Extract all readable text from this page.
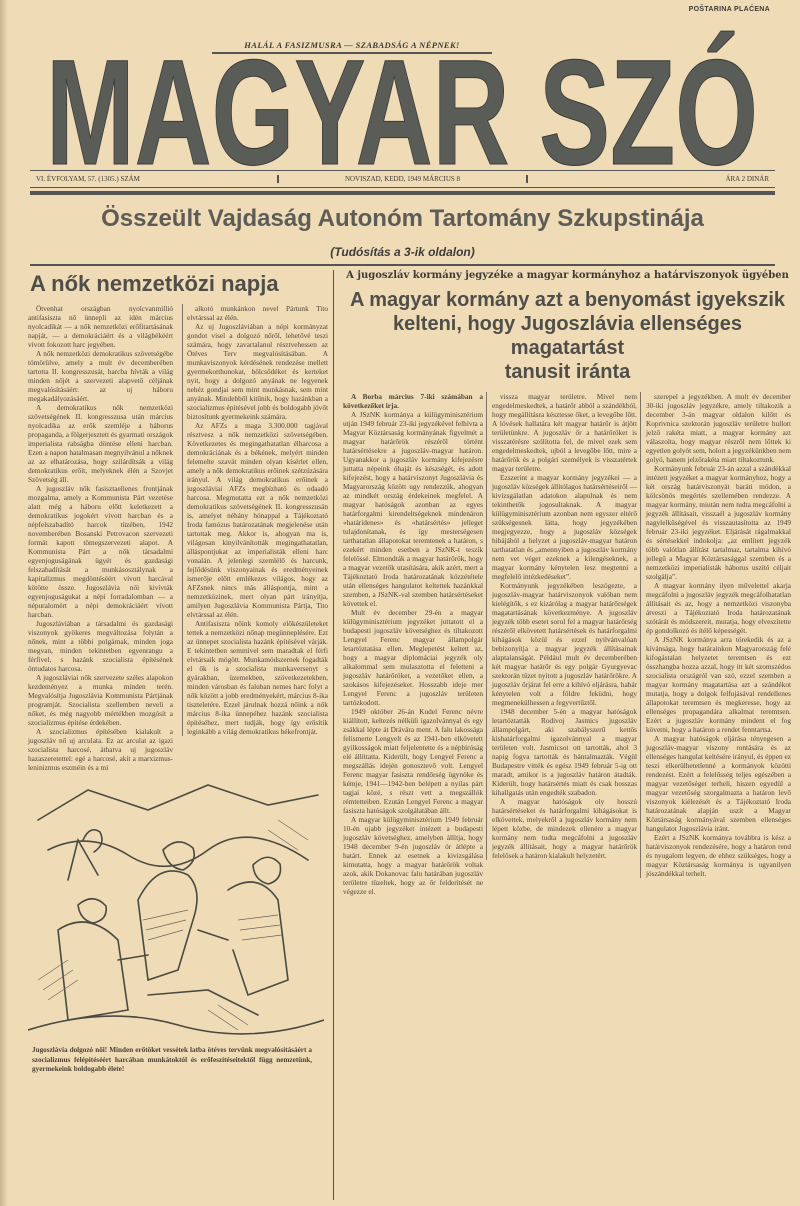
POŠTARINA PLAĆENA
MAGYAR SZÓ
HALÁL A FASIZMUSRA — SZABADSÁG A NÉPNEK!
VI. ÉVFOLYAM, 57. (1305.) SZÁM	NOVISZAD, KEDD, 1949 MÁRCIUS 8	ÁRA 2 DINÁR
Összeült Vajdaság Autonóm Tartomány Szkupstinája
(Tudósítás a 3-ik oldalon)
A nők nemzetközi napja

Ötvenhat országban nyolcvanmillió antifasiszta nő ünnepli az idén március nyolcadikát — a nők nemzetközi erőfitartásának napját, — a demokráciáért és a világbékéért vívott fokozott harc jegyében.

A nők nemzetközi demokratikus szövetségébe tömörülve, amely a mult év decemberében tartotta II. kongresszusát, harcba hívták a világ minden nőjét a szervezeti alapvető céljának megvalósításáért: az uj háboru megakadályozásáért.

A demokratikus nők nemzetközi szövetségének II. kongresszusa után március nyolcadika az erők szemléje a háborus propaganda, a fölgerjesztett és gyarmati országok imperialista rabságba döntése elleni harcban. Ezen a napon hatalmasan megnyilvánul a nőknek az az elhatározása, hogy szilárdítsák a világ demokratikus erőit, melyeknek élén a Szovjet Szövetség áll.

A jugoszláv nők fasisztaellenes frontjának mozgalma, amely a Kommunista Párt vezetése alatt még a háboru előtt keletkezett a demokratikus jogokért vívott harcban és a népfelszabadító harcok tüzében, 1942 novemberében Bosanski Petrovacon szervezeti formát kapott tömegszervezeti alapot. A Kommunista Párt a nők társadalmi egyenjoguságának ügyét és gazdasági felszabadítását a munkásosztálynak a kapitalizmus megdöntéséért vívott harcával kötötte össze. Jugoszlávia női kivívták egyenjoguságukat a népi forradalomban — a népuralomért a népi demokráciáért vívott harcban.

Jugoszláviában a társadalmi és gazdasági viszonyok gyökeres megváltozása folytán a nőnek, mint a többi polgárnak, minden joga megvan, minden tekintetben egyenrangu a férfivel, s hazánk szocialista építésének öntudatos harcosa.

A jugoszláviai nők szervezete széles alapokon kezdeményez a munka minden terén. Megvalósítja Jugoszlávia Kommunista Pártjának programját. Szocialista szellemben neveli a nőket, és még nagyobb mértékben mozgósít a szocializmus építése érdekében.

A szocializmus építésében kialakult a jugoszláv nő uj arculata. Ez az arculat az igazi szocialista harcosé, áthatva uj jugoszláv hazaszeretettel: egé a harcosé, akit a marxizmus-leninizmus eszméin és a mi

alkotó munkánkon nevel Pártunk Tito elvtárssal az élén.

Az uj Jugoszláviában a népi kormányzat gondot visel a dolgozó nőről, lehetővé teszi számára, hogy zavartalanul résztvehessen az Ötéves Terv megvalósításában. A munkaviszonyok kérdésének rendezése mellett gyermekotthonokat, bölcsődéket és kerteket nyit, hogy a dolgozó anyának ne legyenek nehéz gondjai sem mint munkásnak, sem mint anyának. Mindebből kitűnik, hogy hazánkban a szocializmus építésével jobb és boldogabb jövőt biztosítunk gyermekeink számára.

Az AFZs a maga 3.300.000 tagjával résztvesz a nők nemzetközi szövetségében. Következetes és megingathatatlan élharcosa a demokráciának és a békének, melyért minden felemelte szavát minden olyan kísérlet ellen, amely a nők demokratikus erőinek szétzúzására irányul. A világ demokratikus erőinek a jugoszláviai AFZs megbízható és odaadó harcosa. Megmutatta ezt a nők nemzetközi demokratikus szövetségének II. kongresszusán is, amelyet néhány hónappal a Tájékoztató Iroda famózus határozatának megjelenése után tartottak meg. Akkor is, ahogyan ma is, világosan kinyilvánították megingathatatlan, álláspontjukat az imperialisták elleni harc vonalán. A jelenlegi szemlélő és harcunk, fejlődésünk viszonyainak és eredményeinek ismerője előtt emlékezes világos, hogy az AFZsnek nincs más álláspontja, mint a nemzetközinek, mert olyan párt irányítja, amilyen Jugoszlávia Kommunista Pártja, Tito elvtárssal az élén.

Antifasiszta nőink komoly előkészületeket tettek a nemzetközi nőnap megünneplésére. Ezt az ünnepet szocialista hazánk építésével várják. E tekintetben semmivel sem maradtak el férfi elvtársaik mögött. Munkamódszernek fogadták el ők is a szocialista munkaversenyt s gyárakban, üzemekben, szövetkezetekben, minden városban és faluban nemes harc folyt a nők között a jobb eredményekért, március 8-ika tiszteletére. Ezzel járulnak hozzá nőink a nők március 8-ika ünnepéhez hazánk szocialista építéséhez, mert tudják, hogy így erősítik leginkább a világ demokratikus békefrontját.

Jugoszlávia dolgozó női! Minden erőtöket vessétek latba ötéves tervünk megvalósításáért a szocializmus felépítéséért harcában munkátoktól és erőfeszítéseitektől függ nemzetünk, gyermekeink boldogabb élete!
A jugoszláv kormány jegyzéke a magyar kormányhoz a határviszonyok ügyében
A magyar kormány azt a benyomást igyekszik
kelteni, hogy Jugoszlávia ellenséges magatartást
tanusit iránta

A Borba március 7-iki számában a következőket irja.

A JSzNK kormánya a külügyminisztérium utján 1949 február 23-iki jegyzékével felhívta a Magyar Köztársaság kormányának figyelmét a magyar határőrök részéről történt határsértésekre a jugoszláv-magyar határon. Ugyanakkor a jugoszláv kormány kifejezésre juttatta népeink óhaját és készségét, és adott kifejezést, hogy a határviszonyt Jugoszlávia és Magyarország között ugy rendezzük, ahogyan az mindkét ország érdekeinek megfelel. A magyar hatóságok azonban az egyes határforgalmi kirendeltségeknek mindenáron «határidenes» és «határsértés» jelleget tulajdonítanak, és így mesterségesen tarthatatlan állapotokat teremtenek a határon, s ezekért minden esetben a JSzNK-t teszik felelőssé. Elmondták a magyar határőrök, hogy a magyar vezetők utasítására, akik azért, mert a Tájékoztató Iroda határozatának közzététele után ellenséges hangulatot keltettek hazánkkal szemben, a JSzNK-val szemben határsértéseket követtek el.

Mult év december 29-én a magyar külügyminisztérium jegyzéket juttatott el a budapesti jugoszláv követséghez és tiltakozott Lengyel Ferenc magyar állampolgár letartóztatása ellen. Meglepetést keltett az, hogy a magyar diplomáciai jegyzék oly alkalommal sem mulasztotta el feletteni a jugoszláv határőröket, a vezetőket ellen, a szokásos kifejezéseket. Hosszabb ideje mer Lengyel Ferenc a jugoszláv területen tartózkodott.

1949 október 26-án Kudel Ferenc névre kiállított, keltezés nélküli igazolvánnyal és egy zsákkal lépte át Drávára ment. A falu lakossága felismerte Lengyelt és az 1941-ben elkövetett gyilkosságok miatt feljelentette és a népbíróság elé állíttatta. Kiderült, hogy Lengyel Ferenc a megszállás idején gonosztevő volt. Lengyel Ferenc magyar fasiszta rendőrség ügynöke és kémje, 1941—1942-ben belépett a nyilas párt tagjai közé, s részt vett a megszállók rémtetteiben. Ezután Lengyel Ferenc a magyar fasiszta hatóságok szolgálatában állt.

A magyar külügyminisztérium 1949 február 10-én ujabb jegyzéket intézett a budapesti jugoszláv követséghez, amelyben állítja, hogy 1948 december 9-én jugoszláv ór átlépte a határt. Ennek az esetnek a kivizsgálása kimutatta, hogy a magyar határőrök voltak azok, akik Dokanovac falu határában jugoszláv területre tüzeltek, hogy az őr felderítését ne végezze el.

vissza magyar területre. Mivel nem engedelmeskedtek, a határőr abból a szándékból, hogy megállításra késztesse őket, a levegőbe lőtt. A lövések hallatára két magyar határőr is átjött területünkre. A jugoszláv őr a határőröket is visszatérésre szólította fel, de mivel ezek sem engedelmeskedtek, ujból a levegőbe lőtt, mire a határőrök és a polgári személyek is visszatértek magyar területre.

Ezszerint a magyar kormány jegyzékei — a jugoszláv községek állítólagos határsértéseiről — kivizsgálatlan adatokon alapulnak és nem tekinthetők jogosultaknak. A magyar külügyminisztérium azonban nem egyszer eltérő szükségesnek látta, hogy jegyzékében megjegyezze, hogy a jugoszláv községek hibájából a helyzet a jugoszláv-magyar határon tarthatatlan és „amennyiben a jugoszláv kormány nem vet véget ezeknek a kilengéseknek, a magyar kormány kénytelen lesz megtenni a megfelelő intézkedéseket”.

Kormányunk jegyzékében leszögezte, a jugoszláv-magyar határviszonyok valóban nem kielégítők, s ez kizárólag a magyar határőrségek magatartásának következménye. A jugoszláv jegyzék több esetet sorol fel a magyar határőrség részéről elkövetett határsértések és határforgalmi kihágások közül és ezzel nyilvánvalóan bebizonyítja a magyar jegyzék állításainak alaptalanságát. Például mult év decemberében két magyar határőr és egy polgár Gyurgyevac szektorán tüzet nyitott a jugoszláv határőrökre. A jugoszláv őrjárat fel erre a kihívó eljárásra, habár kénytelen volt a földre feküdni, hogy megmenekülhessen a fegyvertűztől.

1948 december 5-én a magyar hatóságok letartóztatták Rodivoj Jasmics jugoszláv állampolgárt, aki szabályszerű kettős kishatárforgalmi igazolvánnyal a magyar területen volt. Jasmicsot ott tartották, ahol 3 napig fogva tartották és bántalmazták. Végül Budapestre vitték és egész 1949 február 5-ig ott maradt, amikor is a jugoszláv határon átadták. Kiderült, hogy határsértés miatt és csak hosszas kihallgatás után engedték szabadon.

A magyar hatóságok oly hosszú határsértéseket és határforgalmi kihágásokat is elkövettek, melyekről a jugoszláv kormány nem lépett közbe, de mindezek ellenére a magyar kormány nem tudta megcáfolni a jugoszláv jegyzék állításait, hogy a magyar határőrök felelősek a határon kialakult helyzetért.

szerepel a jegyzékben. A mult év december 30-iki jugoszláv jegyzékre, amely tiltakozik a december 3-án magyar oldalon kilőtt és Koprivnica szektorán jugoszláv területre hullott jelző rakéta miatt, a magyar kormány azt válaszolta, hogy magyar részről nem lőttek ki egyetlen golyót sem, holott a jegyzékünkben nem golyó, hanem jelzőrakéta miatt tiltakoztunk.

Kormányunk február 23-án azzal a szándékkal intézett jegyzéket a magyar kormányhoz, hogy a két ország határviszonyát baráti módon, a kölcsönös megértés szellemében rendezze. A magyar kormány, miután nem tudta megcáfolni a jegyzék állításait, visszaél a jugoszláv kormány nagylelkűségével és visszautasította az 1949 február 23-iki jegyzéket. Eljárását rágalmakkal és sértésekkel indokolja: „az említett jegyzék több valótlan állítást tartalmaz, tartalma kihívó jellegű a Magyar Köztársasággal szemben és a nemzetközi imperialisták háborus uszító céljait szolgálja”.

A magyar kormány ilyen művelettel akarja megcáfolni a jugoszláv jegyzék megcáfolhatatlan állításait és az, hogy a nemzetközi viszonyba átveszi a Tájékoztató Iroda határozatának szótárát és módszereit, mutatja, hogy elveszítette ép gondolkozó és ítélő képességét.

A JSzNK kormánya arra törekedik és az a kívánsága, hogy határainkon Magyarország felé kifogástalan helyzetet teremtsen és ezt összhangba hozza azzal, hogy itt két szomszédos szocialista országról van szó, ezzel szemben a magyar kormány magatartása azt a szándékot mutatja, hogy a dolgok felfujásával rendellenes állapotokat teremtsen és megkeresse, hogy az ellenséges propagandára alkalmat teremtsen. Ezért a jugoszláv kormány mindent el fog követni, hogy a határon a rendet fenntartsa.

A magyar hatóságok eljárása tényegesen a jugoszláv-magyar viszony rontására és az ellenséges hangulat keltésére irányul, és éppen ez teszi elkerülhetetlenné a kormányok közötti rendezést. Ezért a felelősség teljes egészében a magyar vezetőséget terheli, hiszen egyedül a magyar vezetőség szorgalmazta a határon levő viszonyok kiélezését és a Tájékoztató Iroda határozatának alapján uszít a Magyar Köztársaság kormányával szemben ellenséges hangulatot Jugoszlávia iránt.

Ezért a JSzNK kormánya továbbra is kész a határviszonyok rendezésére, hogy a határon rend és nyugalom legyen, de ehhez szükséges, hogy a magyar Köztársaság kormánya is ugyanilyen jószándékkal terhelt.
